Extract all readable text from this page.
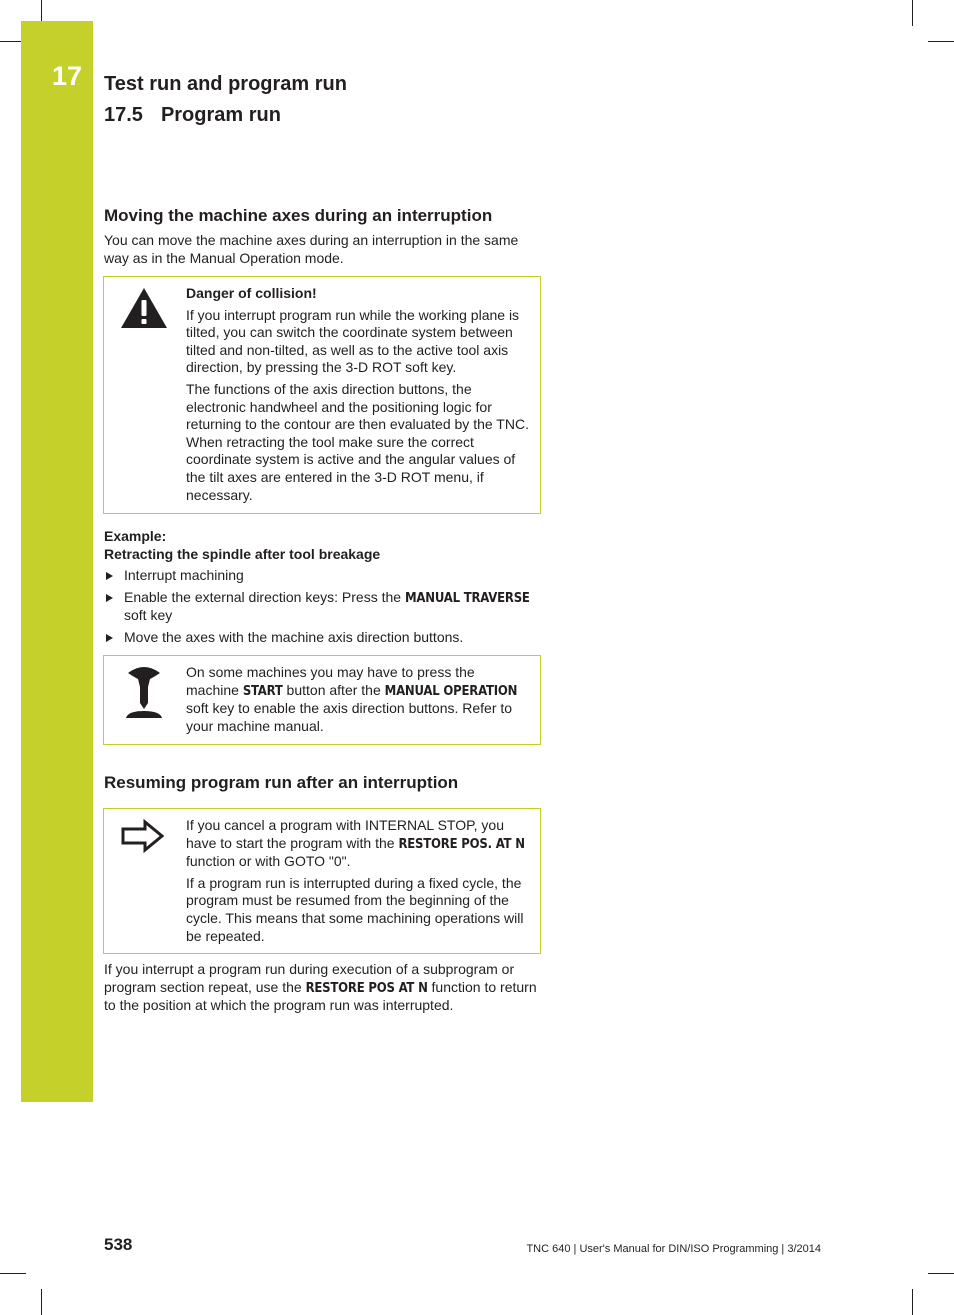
17 Test run and program run
17.5 Program run
Moving the machine axes during an interruption

You can move the machine axes during an interruption in the same way as in the Manual Operation mode.

Danger of collision!

If you interrupt program run while the working plane is tilted, you can switch the coordinate system between tilted and non-tilted, as well as to the active tool axis direction, by pressing the 3-D ROT soft key.

The functions of the axis direction buttons, the electronic handwheel and the positioning logic for returning to the contour are then evaluated by the TNC. When retracting the tool make sure the correct coordinate system is active and the angular values of the tilt axes are entered in the 3-D ROT menu, if necessary.

Example:

Retracting the spindle after tool breakage

Interrupt machining
Enable the external direction keys: Press the MANUAL TRAVERSE soft key
Move the axes with the machine axis direction buttons.

On some machines you may have to press the machine START button after the MANUAL OPERATION soft key to enable the axis direction buttons. Refer to your machine manual.

Resuming program run after an interruption

If you cancel a program with INTERNAL STOP, you have to start the program with the RESTORE POS. AT N function or with GOTO "0".

If a program run is interrupted during a fixed cycle, the program must be resumed from the beginning of the cycle. This means that some machining operations will be repeated.

If you interrupt a program run during execution of a subprogram or program section repeat, use the RESTORE POS AT N function to return to the position at which the program run was interrupted.

538	TNC 640 | User's Manual for DIN/ISO Programming | 3/2014
